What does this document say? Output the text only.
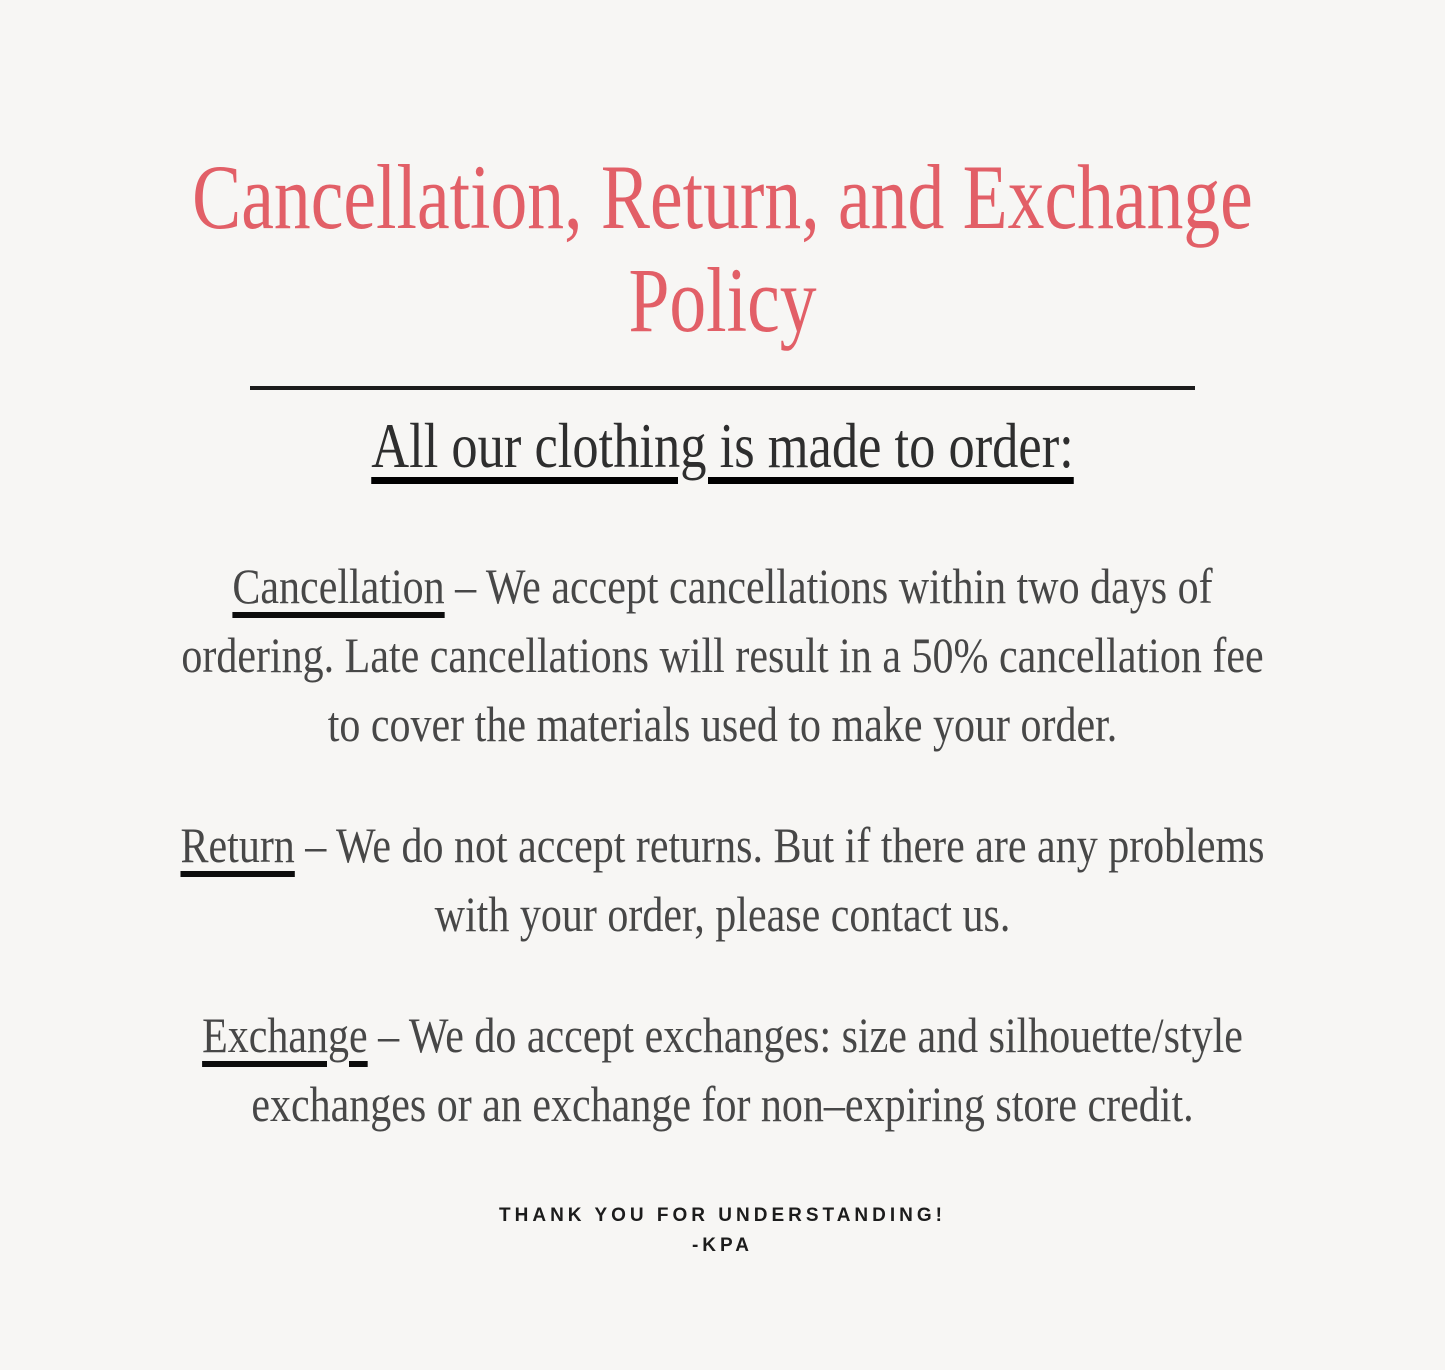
Cancellation, Return, and Exchange
Policy
All our clothing is made to order:

Cancellation – We accept cancellations within two days of
ordering. Late cancellations will result in a 50% cancellation fee
to cover the materials used to make your order.

Return – We do not accept returns. But if there are any problems
with your order, please contact us.

Exchange – We do accept exchanges: size and silhouette/style
exchanges or an exchange for non–expiring store credit.

THANK YOU FOR UNDERSTANDING!
-KPA
